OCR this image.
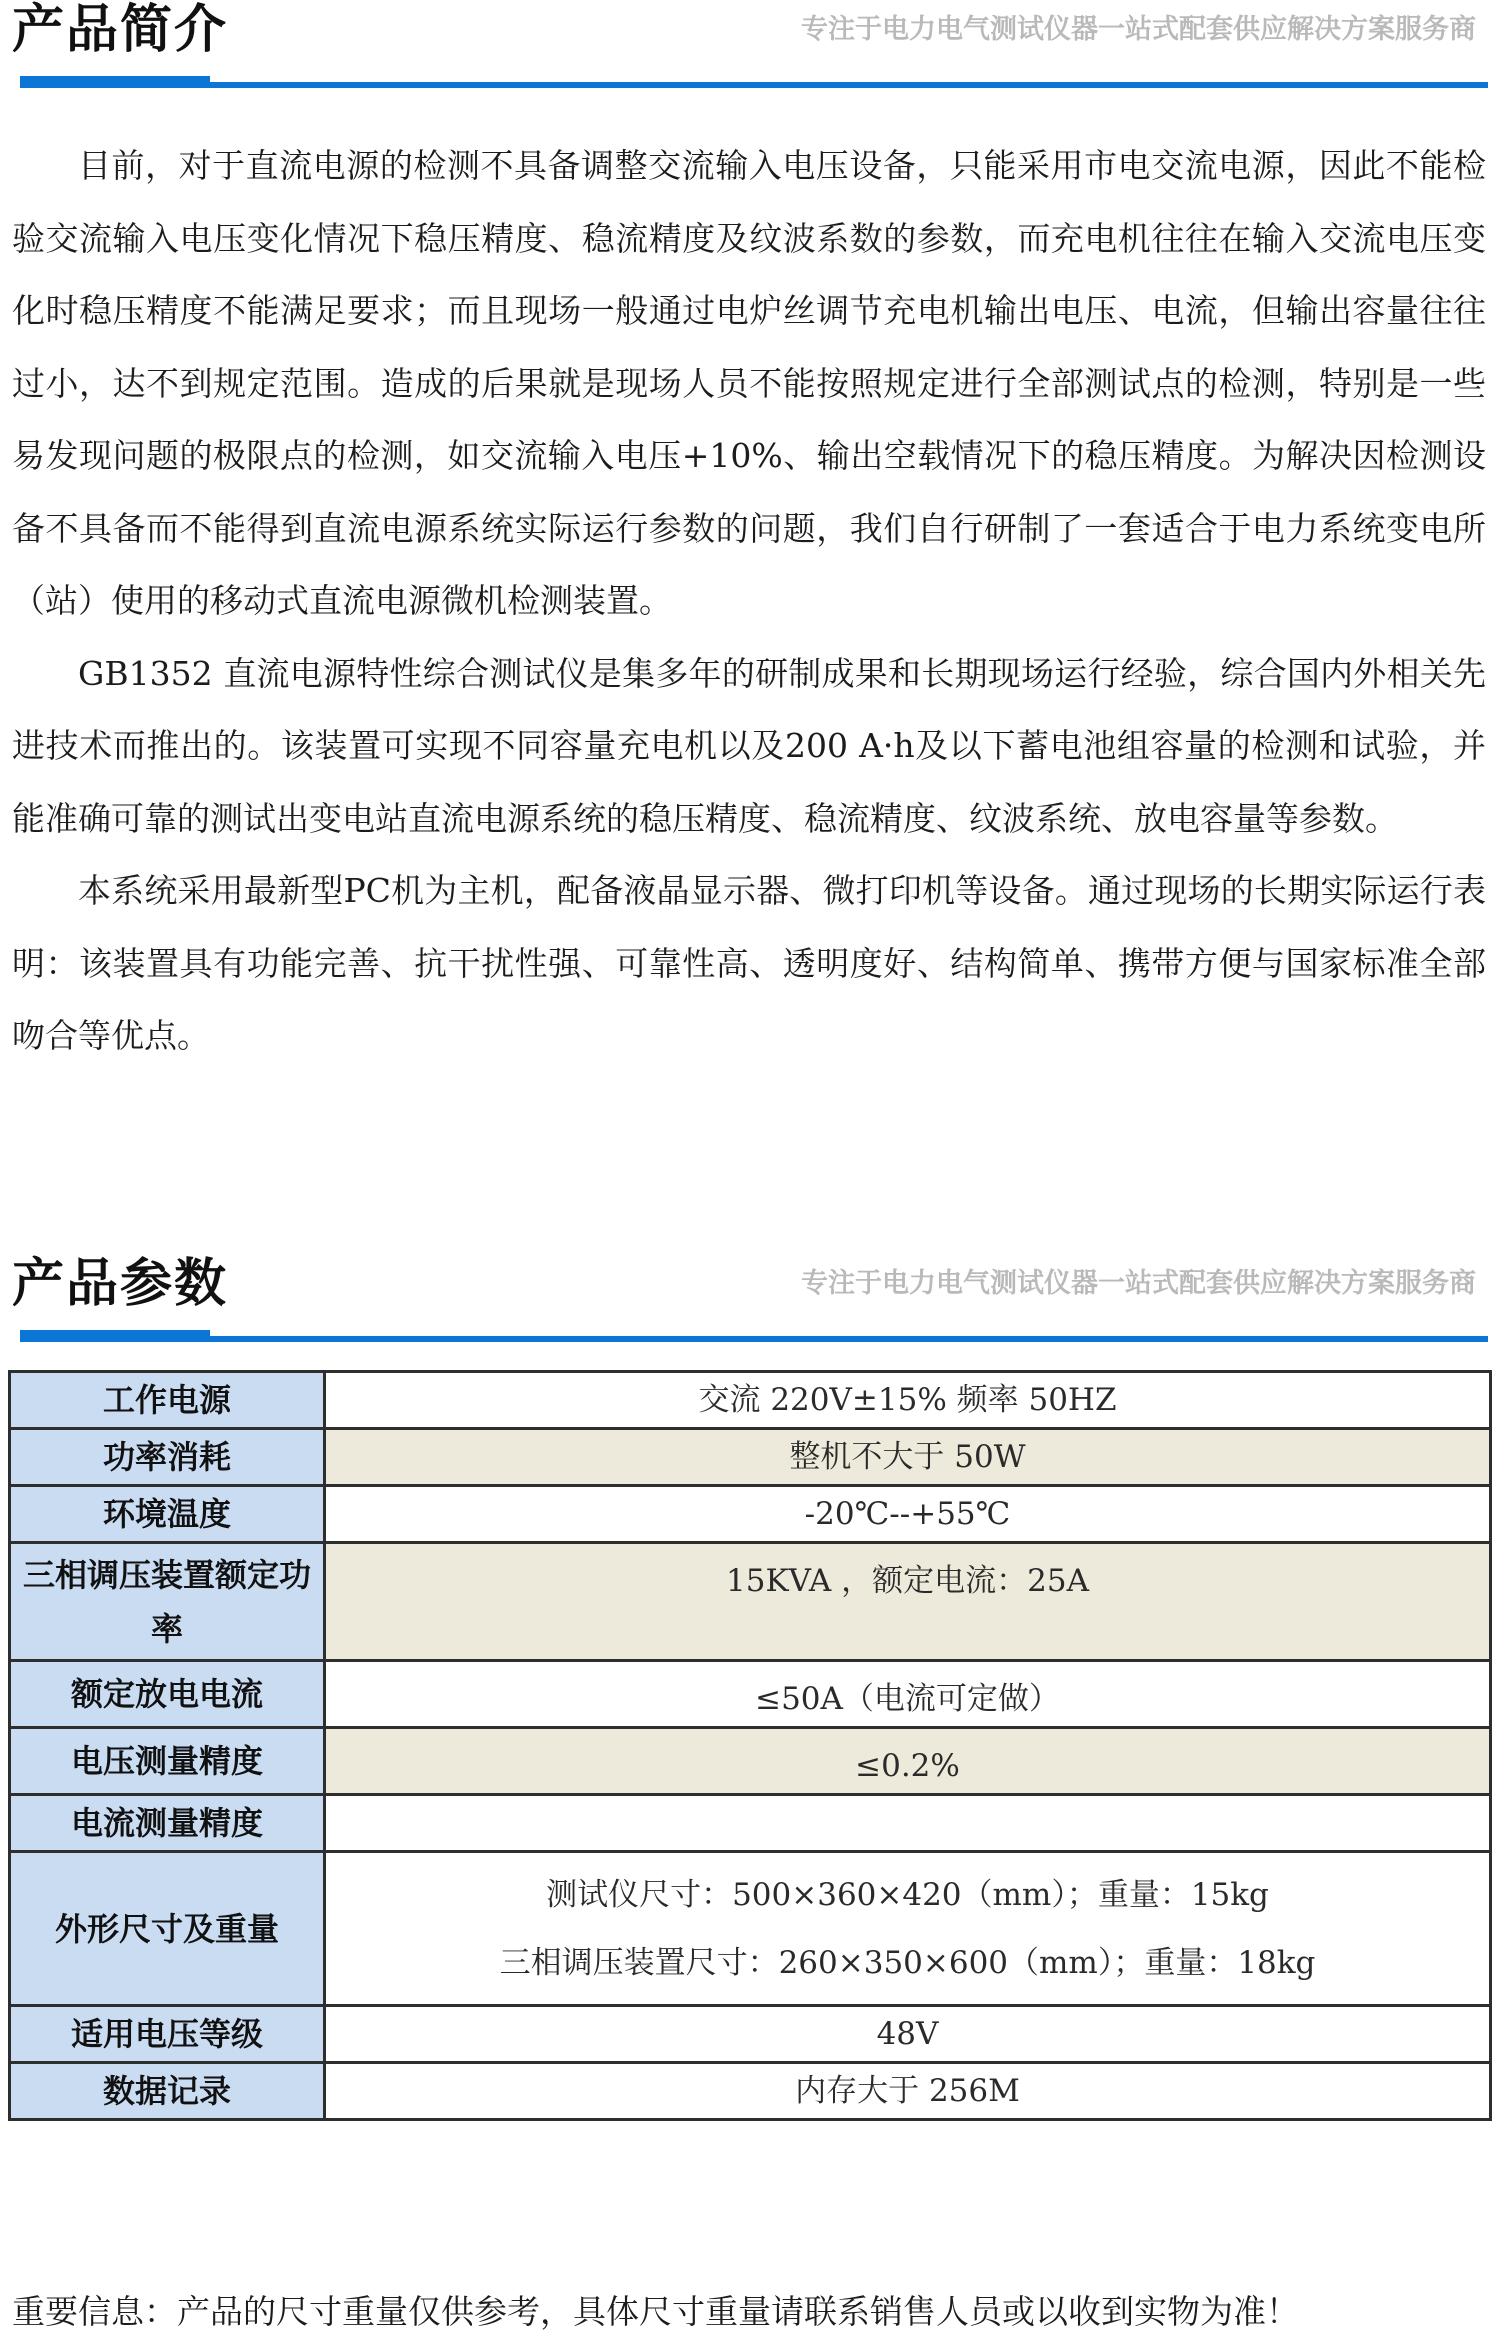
产品简介	专注于电力电气测试仪器一站式配套供应解决方案服务商

目前，对于直流电源的检测不具备调整交流输入电压设备，只能采用市电交流电源，因此不能检验交流输入电压变化情况下稳压精度、稳流精度及纹波系数的参数，而充电机往往在输入交流电压变化时稳压精度不能满足要求；而且现场一般通过电炉丝调节充电机输出电压、电流，但输出容量往往过小，达不到规定范围。造成的后果就是现场人员不能按照规定进行全部测试点的检测，特别是一些易发现问题的极限点的检测，如交流输入电压+10%、输出空载情况下的稳压精度。为解决因检测设备不具备而不能得到直流电源系统实际运行参数的问题，我们自行研制了一套适合于电力系统变电所（站）使用的移动式直流电源微机检测装置。

GB1352 直流电源特性综合测试仪是集多年的研制成果和长期现场运行经验，综合国内外相关先进技术而推出的。该装置可实现不同容量充电机以及200 A·h及以下蓄电池组容量的检测和试验，并能准确可靠的测试出变电站直流电源系统的稳压精度、稳流精度、纹波系统、放电容量等参数。

本系统采用最新型PC机为主机，配备液晶显示器、微打印机等设备。通过现场的长期实际运行表明：该装置具有功能完善、抗干扰性强、可靠性高、透明度好、结构简单、携带方便与国家标准全部吻合等优点。

产品参数	专注于电力电气测试仪器一站式配套供应解决方案服务商
工作电源	交流 220V±15% 频率 50HZ
功率消耗	整机不大于 50W
环境温度	-20℃--+55℃
三相调压装置额定功率	15KVA ，额定电流：25A
额定放电电流	≤50A（电流可定做）
电压测量精度	≤0.2%
电流测量精度	
外形尺寸及重量	测试仪尺寸：500×360×420（mm）；重量：15kg
三相调压装置尺寸：260×350×600（mm）；重量：18kg

适用电压等级	48V
数据记录	内存大于 256M
重要信息：产品的尺寸重量仅供参考，具体尺寸重量请联系销售人员或以收到实物为准！
